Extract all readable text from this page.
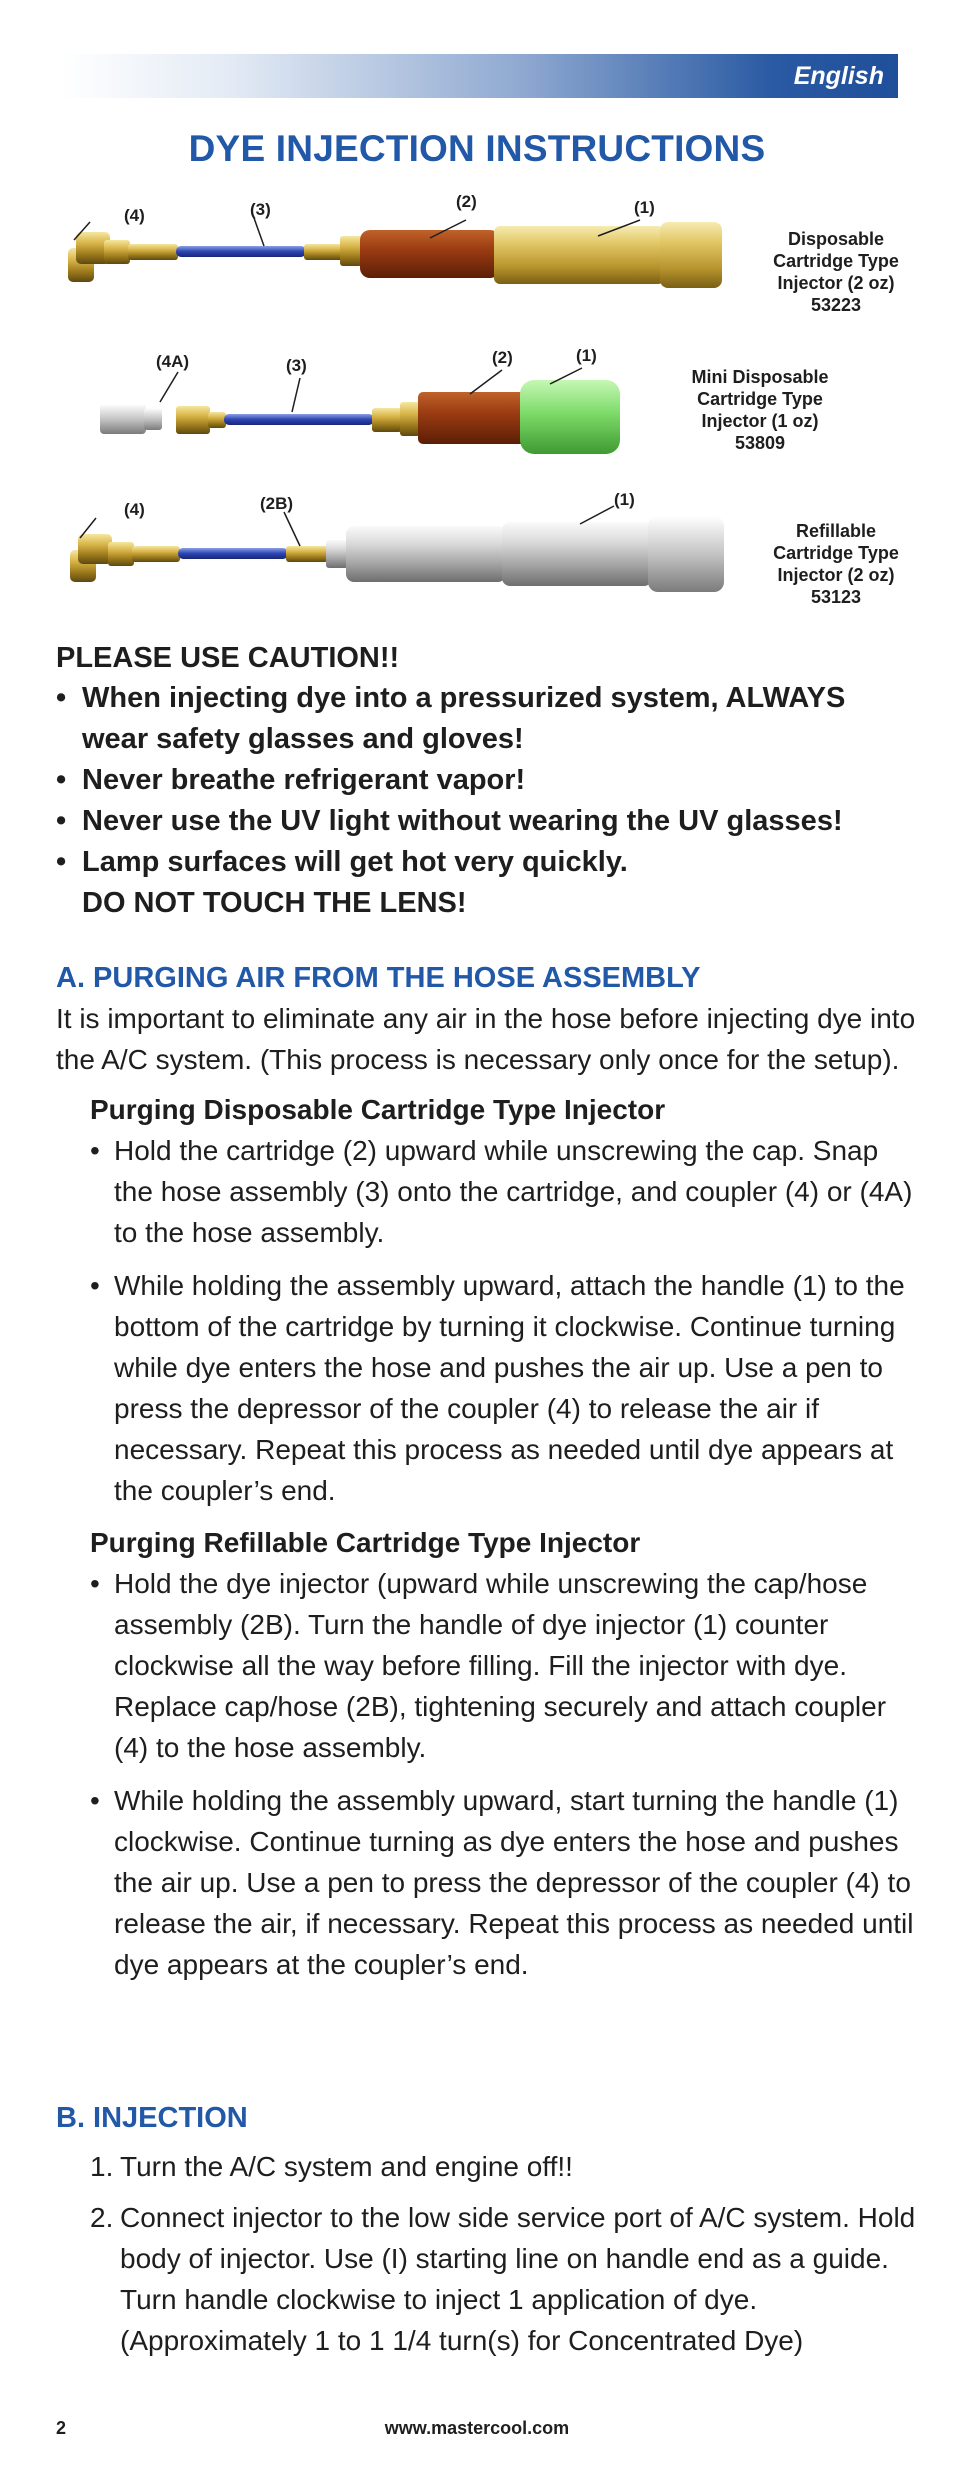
English
DYE INJECTION INSTRUCTIONS
(4)	(3)	(2)	(1)
Disposable
Cartridge Type
Injector (2 oz)
53223
(4A)	(3)	(2)	(1)
Mini Disposable
Cartridge Type
Injector (1 oz)
53809
(4)	(2B)	(1)
Refillable
Cartridge Type
Injector (2 oz)
53123
PLEASE USE CAUTION!!
• When injecting dye into a pressurized system, ALWAYS
wear safety glasses and gloves!
• Never breathe refrigerant vapor!
• Never use the UV light without wearing the UV glasses!
• Lamp surfaces will get hot very quickly.
DO NOT TOUCH THE LENS!
A. PURGING AIR FROM THE HOSE ASSEMBLY

It is important to eliminate any air in the hose before injecting dye into the A/C system. (This process is necessary only once for the setup).

Purging Disposable Cartridge Type Injector
• Hold the cartridge (2) upward while unscrewing the cap. Snap the hose assembly (3) onto the cartridge, and coupler (4) or (4A) to the hose assembly.
• While holding the assembly upward, attach the handle (1) to the bottom of the cartridge by turning it clockwise. Continue turning while dye enters the hose and pushes the air up. Use a pen to press the depressor of the coupler (4) to release the air if necessary. Repeat this process as needed until dye appears at the coupler’s end.
Purging Refillable Cartridge Type Injector
• Hold the dye injector (upward while unscrewing the cap/hose assembly (2B). Turn the handle of dye injector (1) counter clockwise all the way before filling. Fill the injector with dye. Replace cap/hose (2B), tightening securely and attach coupler (4) to the hose assembly.
• While holding the assembly upward, start turning the handle (1) clockwise. Continue turning as dye enters the hose and pushes the air up. Use a pen to press the depressor of the coupler (4) to release the air, if necessary. Repeat this process as needed until dye appears at the coupler’s end.
B. INJECTION
1. Turn the A/C system and engine off!!
2. Connect injector to the low side service port of A/C system. Hold body of injector. Use (I) starting line on handle end as a guide. Turn handle clockwise to inject 1 application of dye. (Approximately 1 to 1 1/4 turn(s) for Concentrated Dye)
2	www.mastercool.com
